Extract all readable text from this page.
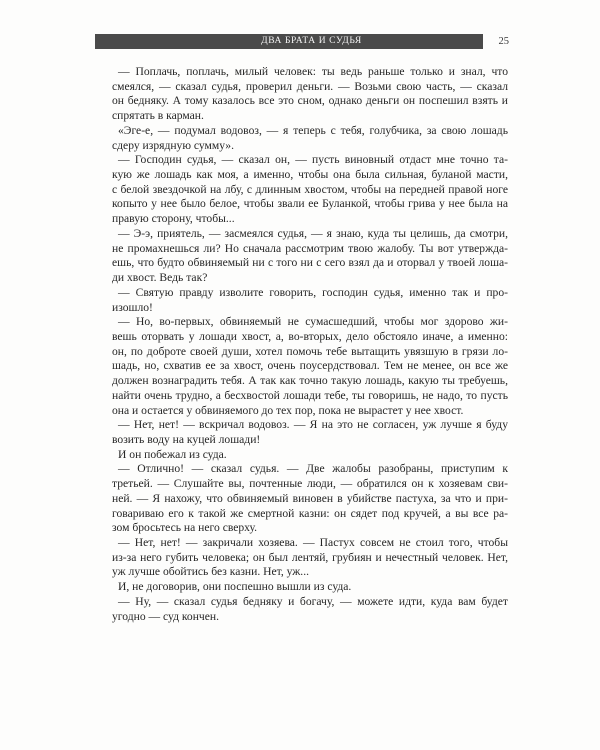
ДВА БРАТА И СУДЬЯ	25
— Поплачь, поплачь, милый человек: ты ведь раньше только и знал, что
смеялся, — сказал судья, проверил деньги. — Возьми свою часть, — сказал
он бедняку. А тому казалось все это сном, однако деньги он поспешил взять и
спрятать в карман.
«Эге-е, — подумал водовоз, — я теперь с тебя, голубчика, за свою лошадь
сдеру изрядную сумму».
— Господин судья, — сказал он, — пусть виновный отдаст мне точно та-
кую же лошадь как моя, а именно, чтобы она была сильная, буланой масти,
с белой звездочкой на лбу, с длинным хвостом, чтобы на передней правой ноге
копыто у нее было белое, чтобы звали ее Буланкой, чтобы грива у нее была на
правую сторону, чтобы...
— Э-э, приятель, — засмеялся судья, — я знаю, куда ты целишь, да смотри,
не промахнешься ли? Но сначала рассмотрим твою жалобу. Ты вот утвержда-
ешь, что будто обвиняемый ни с того ни с сего взял да и оторвал у твоей лоша-
ди хвост. Ведь так?
— Святую правду изволите говорить, господин судья, именно так и про-
изошло!
— Но, во-первых, обвиняемый не сумасшедший, чтобы мог здорово жи-
вешь оторвать у лошади хвост, а, во-вторых, дело обстояло иначе, а именно:
он, по доброте своей души, хотел помочь тебе вытащить увязшую в грязи ло-
шадь, но, схватив ее за хвост, очень поусердствовал. Тем не менее, он все же
должен вознаградить тебя. А так как точно такую лошадь, какую ты требуешь,
найти очень трудно, а бесхвостой лошади тебе, ты говоришь, не надо, то пусть
она и остается у обвиняемого до тех пор, пока не вырастет у нее хвост.
— Нет, нет! — вскричал водовоз. — Я на это не согласен, уж лучше я буду
возить воду на куцей лошади!
И он побежал из суда.
— Отлично! — сказал судья. — Две жалобы разобраны, приступим к
третьей. — Слушайте вы, почтенные люди, — обратился он к хозяевам сви-
ней. — Я нахожу, что обвиняемый виновен в убийстве пастуха, за что и при-
говариваю его к такой же смертной казни: он сядет под кручей, а вы все ра-
зом бросьтесь на него сверху.
— Нет, нет! — закричали хозяева. — Пастух совсем не стоил того, чтобы
из-за него губить человека; он был лентяй, грубиян и нечестный человек. Нет,
уж лучше обойтись без казни. Нет, уж...
И, не договорив, они поспешно вышли из суда.
— Ну, — сказал судья бедняку и богачу, — можете идти, куда вам будет
угодно — суд кончен.
